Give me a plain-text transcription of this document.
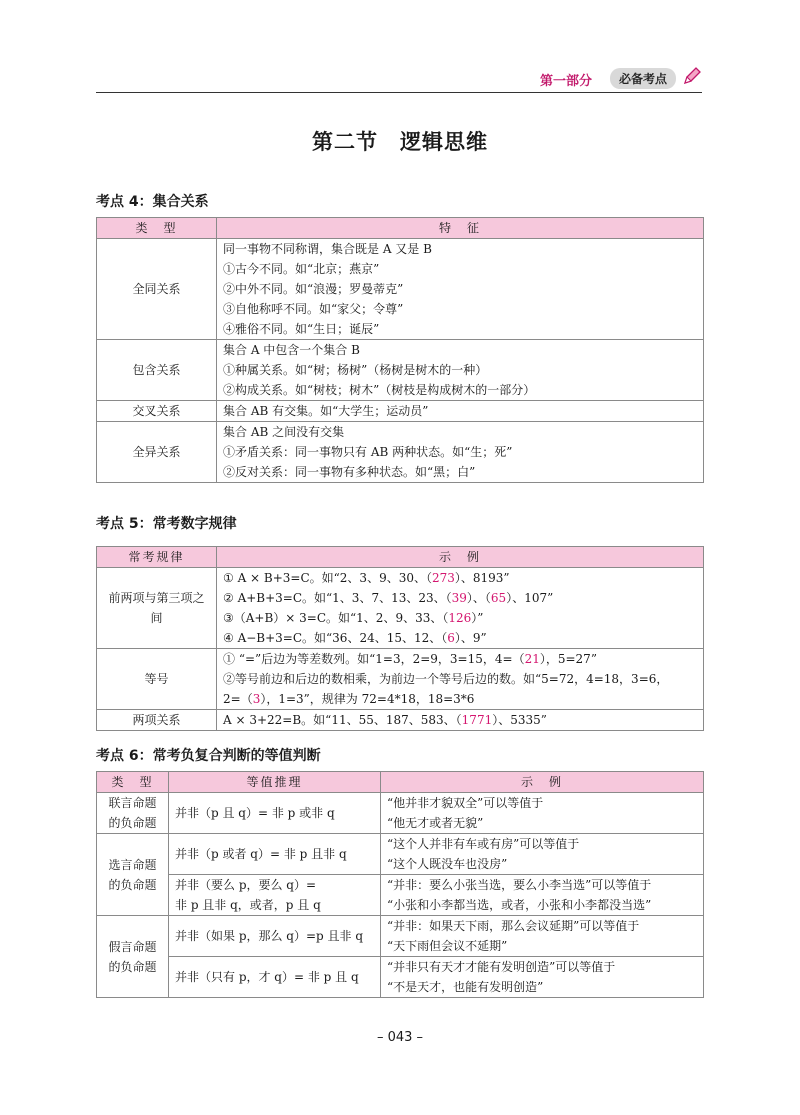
第一部分	必备考点
第二节　逻辑思维
考点 4：集合关系
类　型	特　征
全同关系	同一事物不同称谓，集合既是 A 又是 B
①古今不同。如“北京；燕京”
②中外不同。如“浪漫；罗曼蒂克”
③自他称呼不同。如“家父；令尊”
④雅俗不同。如“生日；诞辰”

包含关系	集合 A 中包含一个集合 B
①种属关系。如“树；杨树”（杨树是树木的一种）
②构成关系。如“树枝；树木”（树枝是构成树木的一部分）

交叉关系	集合 AB 有交集。如“大学生；运动员”

全异关系	集合 AB 之间没有交集
①矛盾关系：同一事物只有 AB 两种状态。如“生；死”
②反对关系：同一事物有多种状态。如“黑；白”
考点 5：常考数字规律
常考规律	示　例
前两项与第三项之间	① A × B+3=C。如“2、3、9、30、（273）、8193”
② A+B+3=C。如“1、3、7、13、23、（39）、（65）、107”
③（A+B）× 3=C。如“1、2、9、33、（126）”
④ A−B+3=C。如“36、24、15、12、（6）、9”

等号	① “=”后边为等差数列。如“1=3，2=9，3=15，4=（21），5=27”
②等号前边和后边的数相乘，为前边一个等号后边的数。如“5=72，4=18，3=6，
2=（3），1=3”，规律为 72=4*18，18=3*6

两项关系	A × 3+22=B。如“11、55、187、583、（1771）、5335”
考点 6：常考负复合判断的等值判断
类　型	等值推理	示　例
联言命题的负命题	并非（p 且 q）= 非 p 或非 q	“他并非才貌双全”可以等值于
“他无才或者无貌”

选言命题的负命题	并非（p 或者 q）= 非 p 且非 q	“这个人并非有车或有房”可以等值于
“这个人既没车也没房”

	并非（要么 p，要么 q）=
非 p 且非 q，或者，p 且 q	“并非：要么小张当选，要么小李当选”可以等值于
“小张和小李都当选，或者，小张和小李都没当选”

假言命题的负命题	并非（如果 p，那么 q）=p 且非 q	“并非：如果天下雨，那么会议延期”可以等值于
“天下雨但会议不延期”

	并非（只有 p，才 q）= 非 p 且 q	“并非只有天才才能有发明创造”可以等值于
“不是天才，也能有发明创造”
– 043 –
